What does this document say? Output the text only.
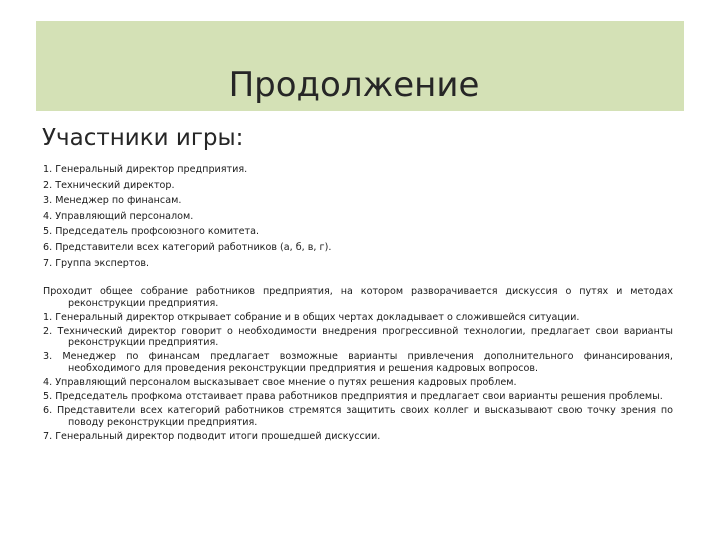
Продолжение
Участники игры:
1. Генеральный директор предприятия.
2. Технический директор.
3. Менеджер по финансам.
4. Управляющий персоналом.
5. Председатель профсоюзного комитета.
6. Представители всех категорий работников (а, б, в, г).
7. Группа экспертов.

Проходит общее собрание работников предприятия, на котором разворачивается дискуссия о путях и методах реконструкции предприятия.

1. Генеральный директор открывает собрание и в общих чертах докладывает о сложившейся ситуации.

2. Технический директор говорит о необходимости внедрения прогрессивной технологии, предлагает свои варианты реконструкции предприятия.

3. Менеджер по финансам предлагает возможные варианты привлечения дополнительного финансирования, необходимого для проведения реконструкции предприятия и решения кадровых вопросов.

4. Управляющий персоналом высказывает свое мнение о путях решения кадровых проблем.

5. Председатель профкома отстаивает права работников предприятия и предлагает свои варианты решения проблемы.

6. Представители всех категорий работников стремятся защитить своих коллег и высказывают свою точку зрения по поводу реконструкции предприятия.

7. Генеральный директор подводит итоги прошедшей дискуссии.
